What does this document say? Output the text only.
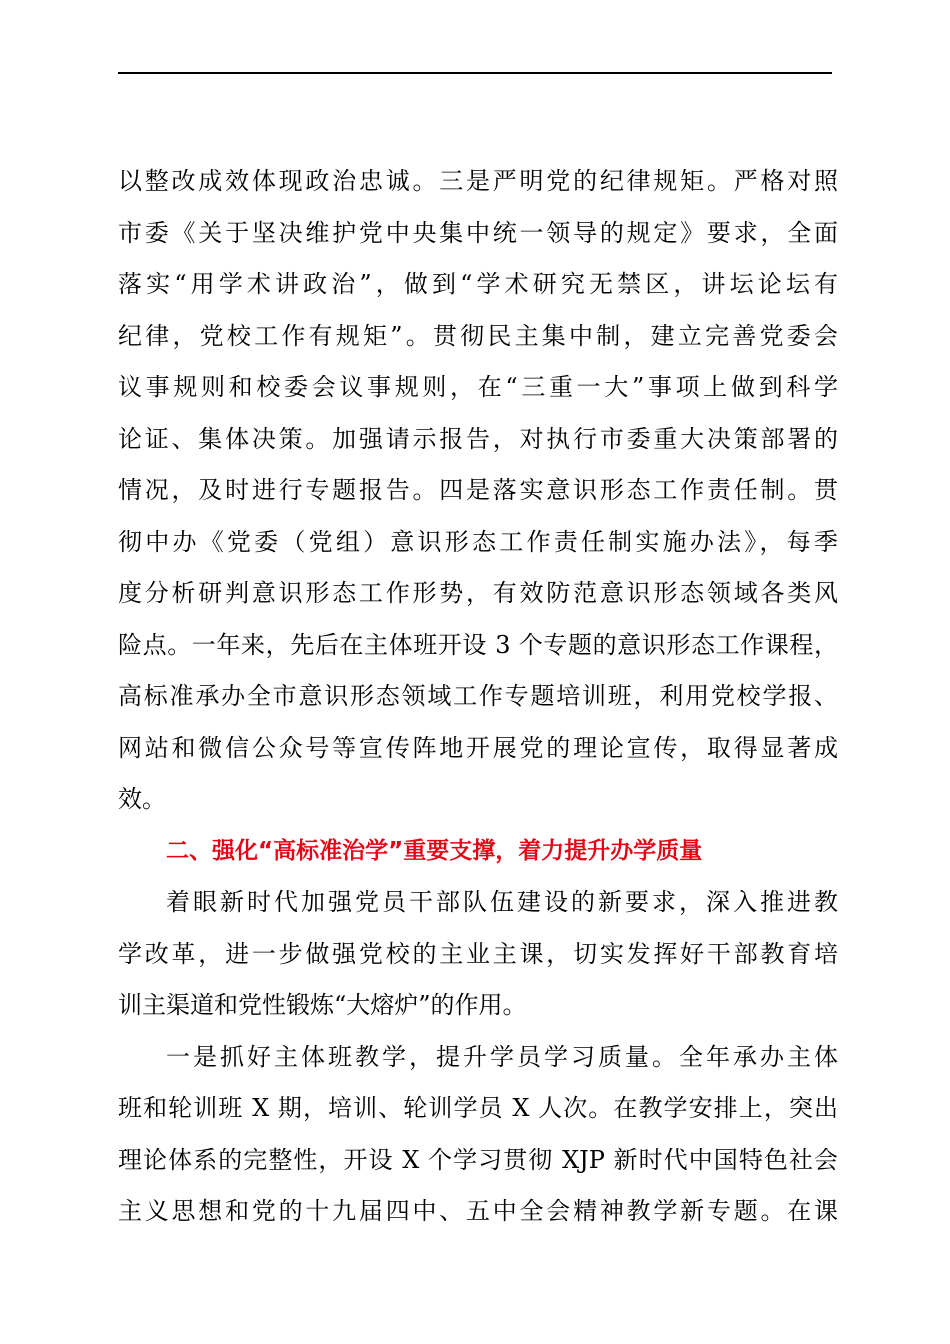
以整改成效体现政治忠诚。三是严明党的纪律规矩。严格对照
市委《关于坚决维护党中央集中统一领导的规定》要求，全面
落实“用学术讲政治”，做到“学术研究无禁区，讲坛论坛有
纪律，党校工作有规矩”。贯彻民主集中制，建立完善党委会
议事规则和校委会议事规则，在“三重一大”事项上做到科学
论证、集体决策。加强请示报告，对执行市委重大决策部署的
情况，及时进行专题报告。四是落实意识形态工作责任制。贯
彻中办《党委（党组）意识形态工作责任制实施办法》，每季
度分析研判意识形态工作形势，有效防范意识形态领域各类风
险点。一年来，先后在主体班开设 3 个专题的意识形态工作课程，
高标准承办全市意识形态领域工作专题培训班，利用党校学报、
网站和微信公众号等宣传阵地开展党的理论宣传，取得显著成
效。
二、强化“高标准治学”重要支撑，着力提升办学质量
着眼新时代加强党员干部队伍建设的新要求，深入推进教
学改革，进一步做强党校的主业主课，切实发挥好干部教育培
训主渠道和党性锻炼“大熔炉”的作用。
一是抓好主体班教学，提升学员学习质量。全年承办主体
班和轮训班 X 期，培训、轮训学员 X 人次。在教学安排上，突出
理论体系的完整性，开设 X 个学习贯彻 XJP 新时代中国特色社会
主义思想和党的十九届四中、五中全会精神教学新专题。在课
